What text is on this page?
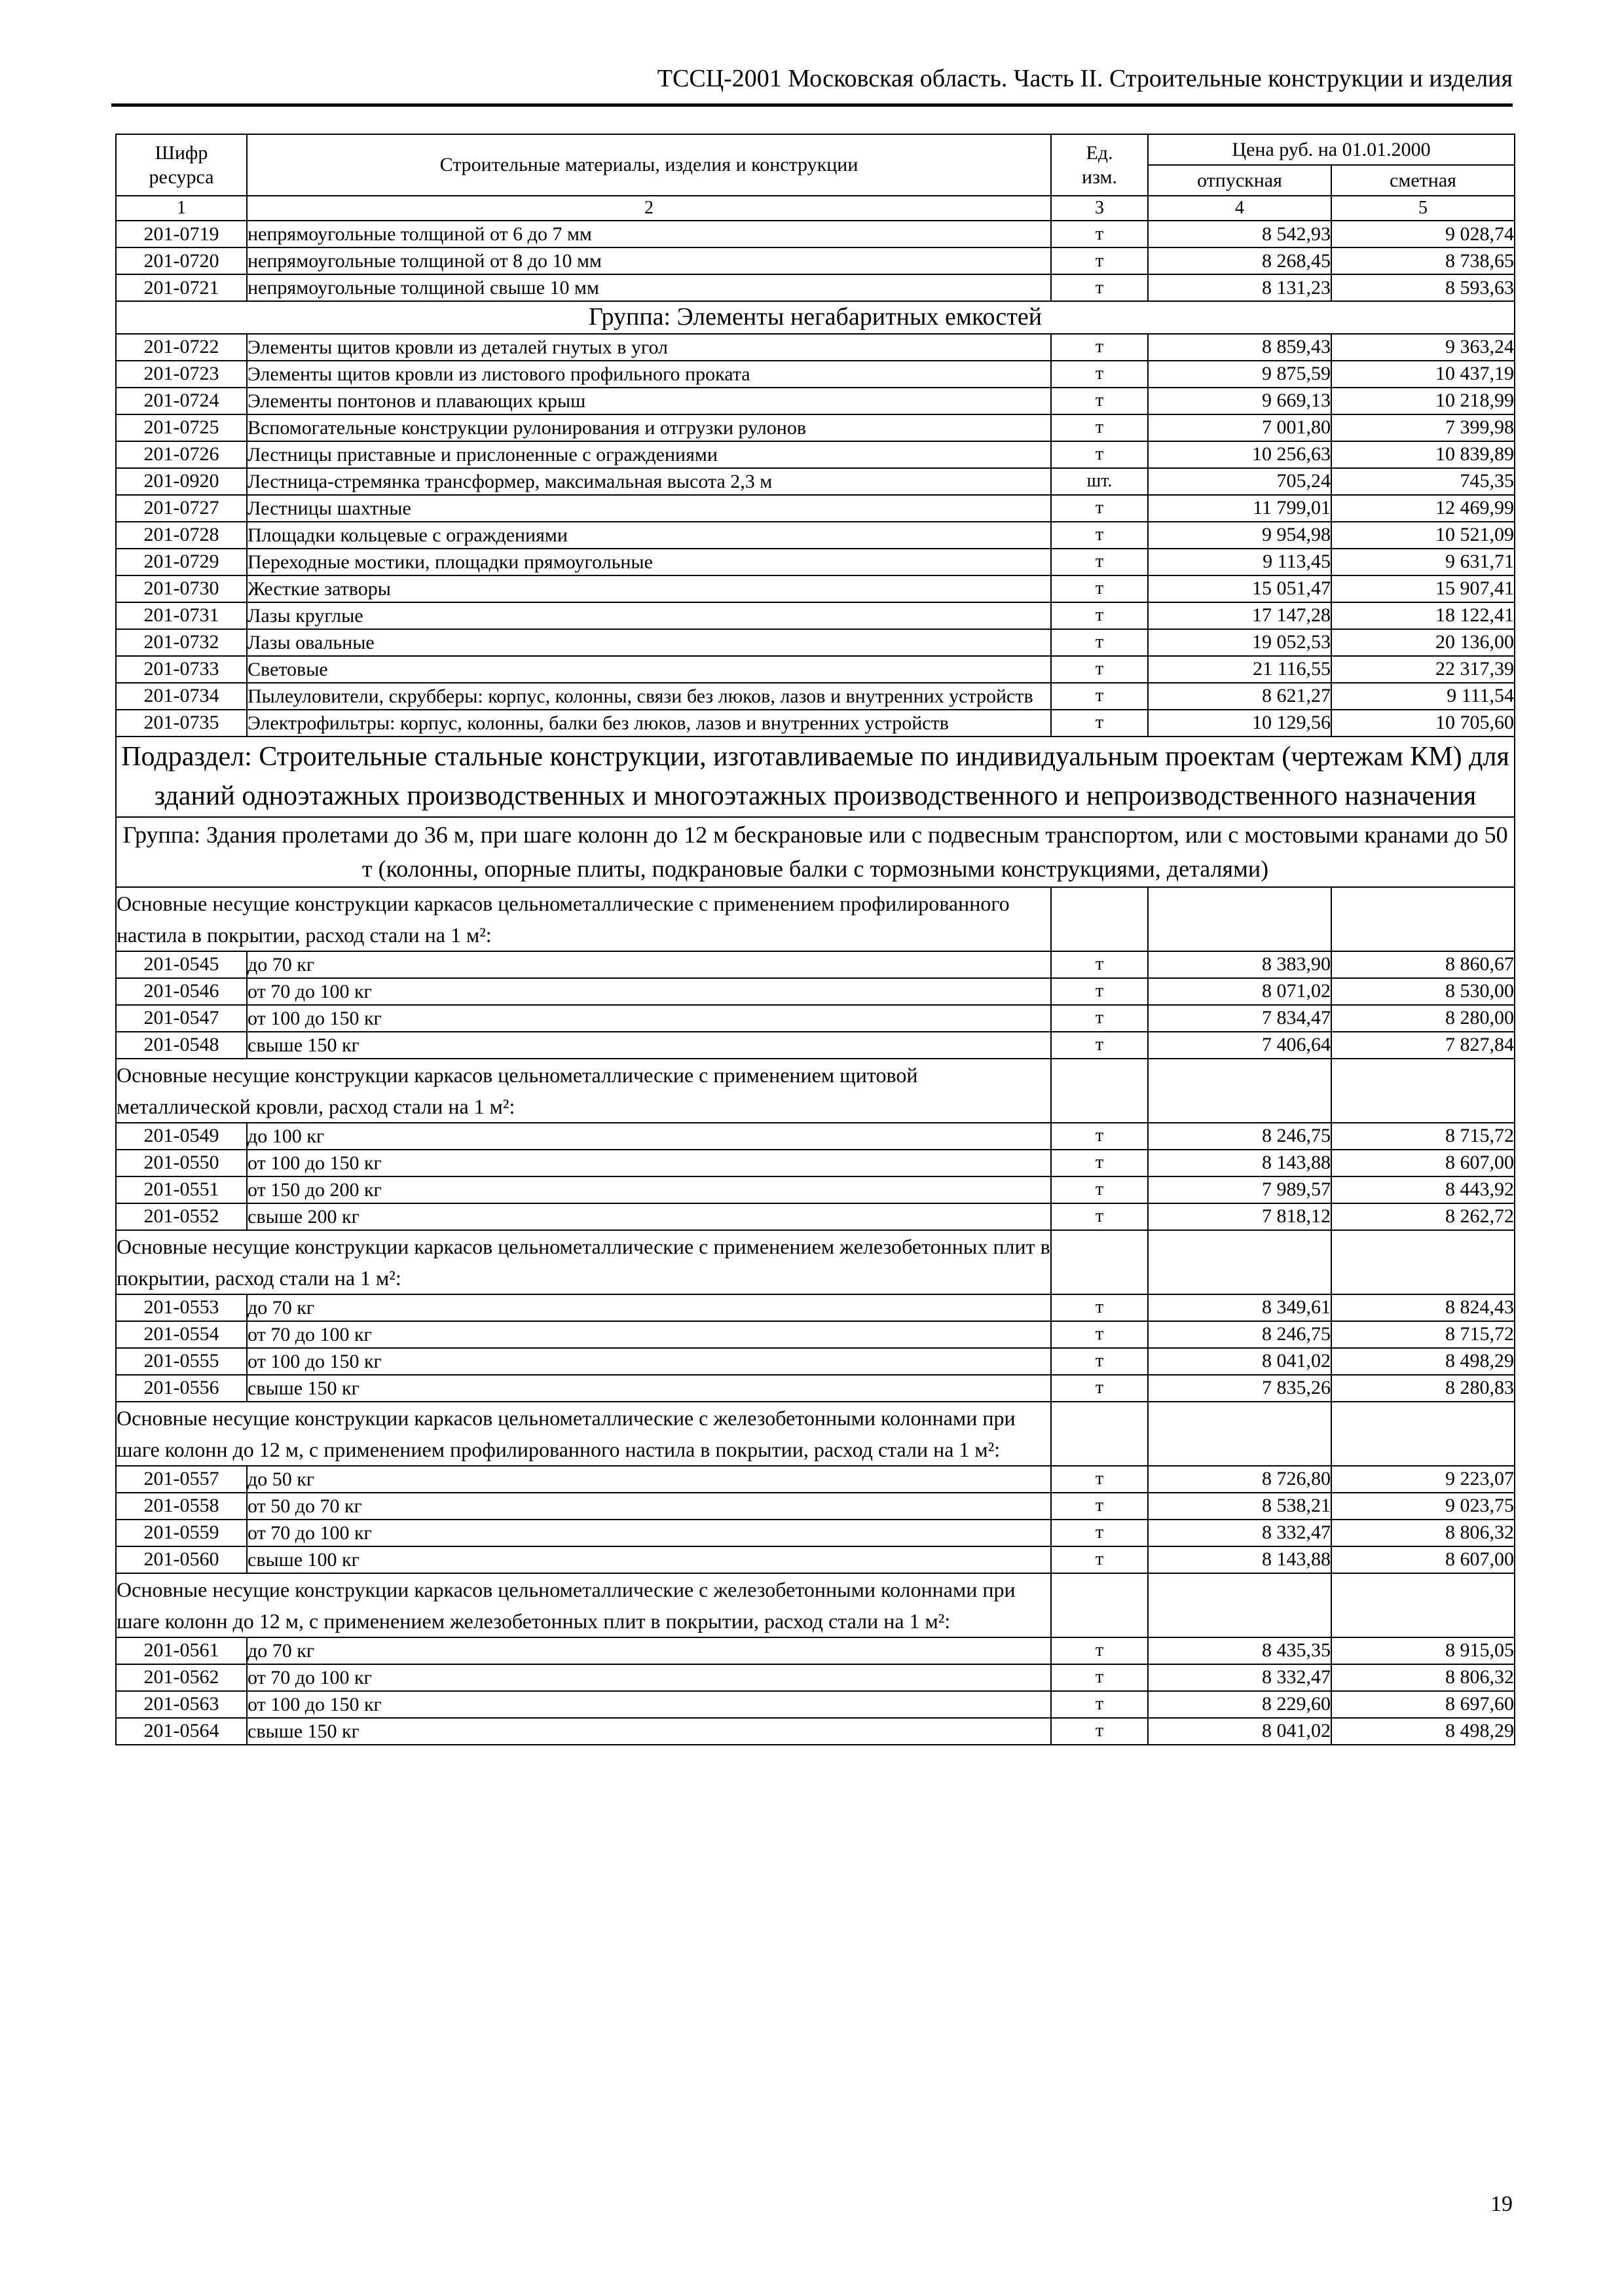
ТССЦ-2001 Московская область. Часть II. Строительные конструкции и изделия
Шифр
ресурса	Строительные материалы, изделия и конструкции	Ед.
изм.	Цена руб. на 01.01.2000	
			отпускная	сметная
1	2	3	4	5
201-0719	непрямоугольные толщиной от 6 до 7 мм	т	8 542,93	9 028,74
201-0720	непрямоугольные толщиной от 8 до 10 мм	т	8 268,45	8 738,65
201-0721	непрямоугольные толщиной свыше 10 мм	т	8 131,23	8 593,63
Группа: Элементы негабаритных емкостей				
201-0722	Элементы щитов кровли из деталей гнутых в угол	т	8 859,43	9 363,24
201-0723	Элементы щитов кровли из листового профильного проката	т	9 875,59	10 437,19
201-0724	Элементы понтонов и плавающих крыш	т	9 669,13	10 218,99
201-0725	Вспомогательные конструкции рулонирования и отгрузки рулонов	т	7 001,80	7 399,98
201-0726	Лестницы приставные и прислоненные с ограждениями	т	10 256,63	10 839,89
201-0920	Лестница-стремянка трансформер, максимальная высота 2,3 м	шт.	705,24	745,35
201-0727	Лестницы шахтные	т	11 799,01	12 469,99
201-0728	Площадки кольцевые с ограждениями	т	9 954,98	10 521,09
201-0729	Переходные мостики, площадки прямоугольные	т	9 113,45	9 631,71
201-0730	Жесткие затворы	т	15 051,47	15 907,41
201-0731	Лазы круглые	т	17 147,28	18 122,41
201-0732	Лазы овальные	т	19 052,53	20 136,00
201-0733	Световые	т	21 116,55	22 317,39
201-0734	Пылеуловители, скрубберы: корпус, колонны, связи без люков, лазов и внутренних устройств	т	8 621,27	9 111,54
201-0735	Электрофильтры: корпус, колонны, балки без люков, лазов и внутренних устройств	т	10 129,56	10 705,60
Подраздел: Строительные стальные конструкции, изготавливаемые по индивидуальным проектам (чертежам КМ) для зданий одноэтажных производственных и многоэтажных производственного и непроизводственного назначения				
Группа: Здания пролетами до 36 м, при шаге колонн до 12 м бескрановые или с подвесным транспортом, или с мостовыми кранами до 50 т (колонны, опорные плиты, подкрановые балки с тормозными конструкциями, деталями)				
Основные несущие конструкции каркасов цельнометаллические с применением профилированного настила в покрытии, расход стали на 1 м²:				
201-0545	до 70 кг	т	8 383,90	8 860,67
201-0546	от 70 до 100 кг	т	8 071,02	8 530,00
201-0547	от 100 до 150 кг	т	7 834,47	8 280,00
201-0548	свыше 150 кг	т	7 406,64	7 827,84
Основные несущие конструкции каркасов цельнометаллические с применением щитовой металлической кровли, расход стали на 1 м²:				
201-0549	до 100 кг	т	8 246,75	8 715,72
201-0550	от 100 до 150 кг	т	8 143,88	8 607,00
201-0551	от 150 до 200 кг	т	7 989,57	8 443,92
201-0552	свыше 200 кг	т	7 818,12	8 262,72
Основные несущие конструкции каркасов цельнометаллические с применением железобетонных плит в покрытии, расход стали на 1 м²:				
201-0553	до 70 кг	т	8 349,61	8 824,43
201-0554	от 70 до 100 кг	т	8 246,75	8 715,72
201-0555	от 100 до 150 кг	т	8 041,02	8 498,29
201-0556	свыше 150 кг	т	7 835,26	8 280,83
Основные несущие конструкции каркасов цельнометаллические с железобетонными колоннами при шаге колонн до 12 м, с применением профилированного настила в покрытии, расход стали на 1 м²:				
201-0557	до 50 кг	т	8 726,80	9 223,07
201-0558	от 50 до 70 кг	т	8 538,21	9 023,75
201-0559	от 70 до 100 кг	т	8 332,47	8 806,32
201-0560	свыше 100 кг	т	8 143,88	8 607,00
Основные несущие конструкции каркасов цельнометаллические с железобетонными колоннами при шаге колонн до 12 м, с применением железобетонных плит в покрытии, расход стали на 1 м²:				
201-0561	до 70 кг	т	8 435,35	8 915,05
201-0562	от 70 до 100 кг	т	8 332,47	8 806,32
201-0563	от 100 до 150 кг	т	8 229,60	8 697,60
201-0564	свыше 150 кг	т	8 041,02	8 498,29
19
